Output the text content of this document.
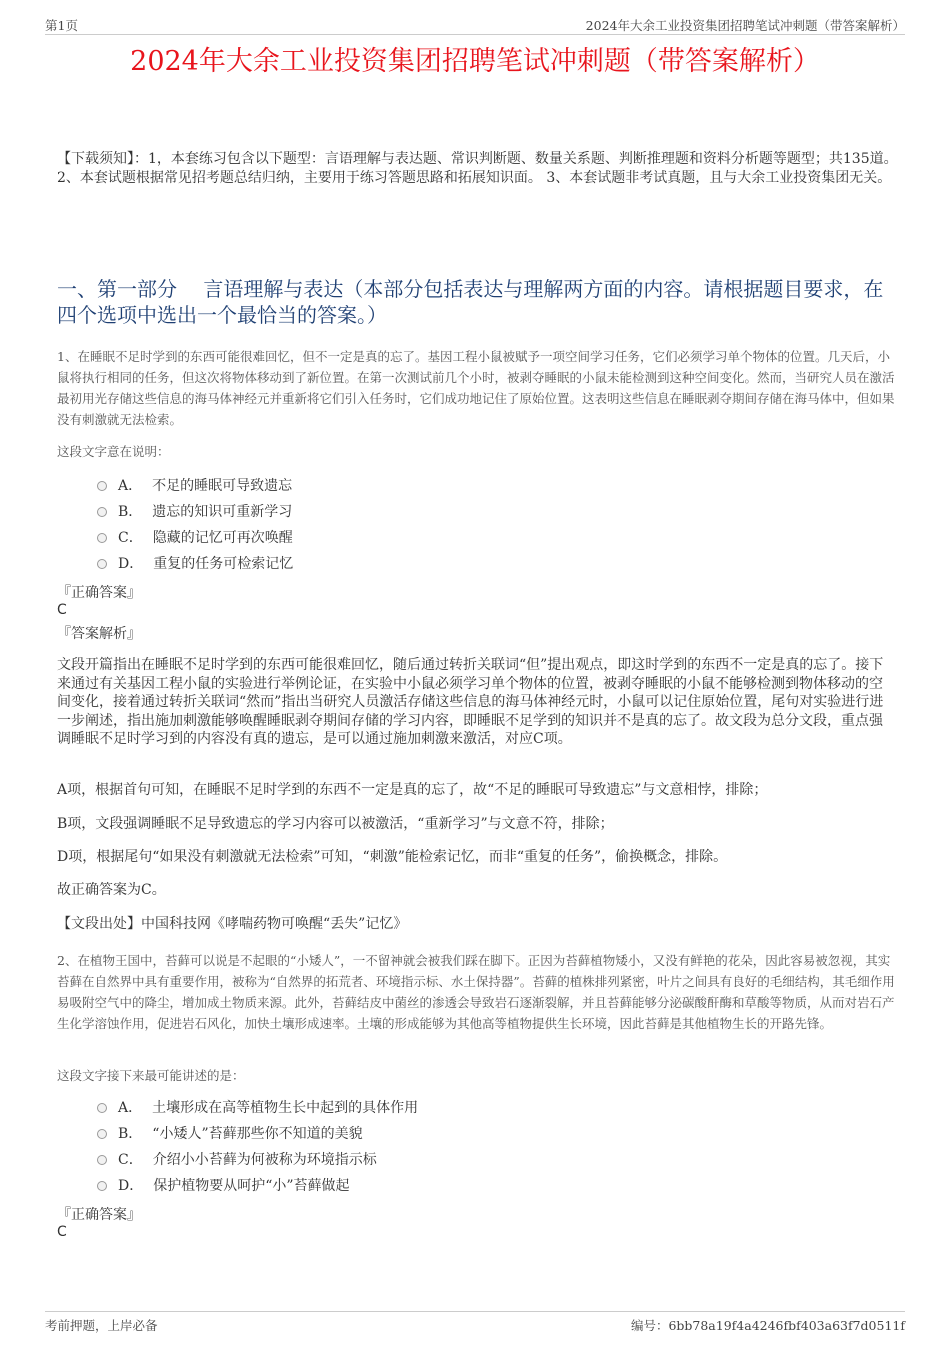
第1页	2024年大余工业投资集团招聘笔试冲刺题（带答案解析）
2024年大余工业投资集团招聘笔试冲刺题（带答案解析）
【下载须知】：1，本套练习包含以下题型：言语理解与表达题、常识判断题、数量关系题、判断推理题和资料分析题等题型；共135道。 2、本套试题根据常见招考题总结归纳，主要用于练习答题思路和拓展知识面。 3、本套试题非考试真题，且与大余工业投资集团无关。
一、第一部分　 言语理解与表达（本部分包括表达与理解两方面的内容。请根据题目要求，在四个选项中选出一个最恰当的答案。）
1、在睡眠不足时学到的东西可能很难回忆，但不一定是真的忘了。基因工程小鼠被赋予一项空间学习任务，它们必须学习单个物体的位置。几天后，小鼠将执行相同的任务，但这次将物体移动到了新位置。在第一次测试前几个小时，被剥夺睡眠的小鼠未能检测到这种空间变化。然而，当研究人员在激活最初用光存储这些信息的海马体神经元并重新将它们引入任务时，它们成功地记住了原始位置。这表明这些信息在睡眠剥夺期间存储在海马体中，但如果没有刺激就无法检索。
这段文字意在说明：
A． 不足的睡眠可导致遗忘
B． 遗忘的知识可重新学习
C． 隐藏的记忆可再次唤醒
D． 重复的任务可检索记忆
『正确答案』
C
『答案解析』
文段开篇指出在睡眠不足时学到的东西可能很难回忆，随后通过转折关联词“但”提出观点，即这时学到的东西不一定是真的忘了。接下来通过有关基因工程小鼠的实验进行举例论证，在实验中小鼠必须学习单个物体的位置，被剥夺睡眠的小鼠不能够检测到物体移动的空间变化，接着通过转折关联词“然而”指出当研究人员激活存储这些信息的海马体神经元时，小鼠可以记住原始位置，尾句对实验进行进一步阐述，指出施加刺激能够唤醒睡眠剥夺期间存储的学习内容，即睡眠不足学到的知识并不是真的忘了。故文段为总分文段，重点强调睡眠不足时学习到的内容没有真的遗忘，是可以通过施加刺激来激活，对应C项。
A项，根据首句可知，在睡眠不足时学到的东西不一定是真的忘了，故“不足的睡眠可导致遗忘”与文意相悖，排除；
B项，文段强调睡眠不足导致遗忘的学习内容可以被激活，“重新学习”与文意不符，排除；
D项，根据尾句“如果没有刺激就无法检索”可知，“刺激”能检索记忆，而非“重复的任务”，偷换概念，排除。
故正确答案为C。
【文段出处】中国科技网《哮喘药物可唤醒“丢失”记忆》
2、在植物王国中，苔藓可以说是不起眼的“小矮人”，一不留神就会被我们踩在脚下。正因为苔藓植物矮小，又没有鲜艳的花朵，因此容易被忽视，其实苔藓在自然界中具有重要作用，被称为“自然界的拓荒者、环境指示标、水土保持器”。苔藓的植株排列紧密，叶片之间具有良好的毛细结构，其毛细作用易吸附空气中的降尘，增加成土物质来源。此外，苔藓结皮中菌丝的渗透会导致岩石逐渐裂解，并且苔藓能够分泌碳酸酐酶和草酸等物质，从而对岩石产生化学溶蚀作用，促进岩石风化，加快土壤形成速率。土壤的形成能够为其他高等植物提供生长环境，因此苔藓是其他植物生长的开路先锋。
这段文字接下来最可能讲述的是：
A． 土壤形成在高等植物生长中起到的具体作用
B． “小矮人”苔藓那些你不知道的美貌
C． 介绍小小苔藓为何被称为环境指示标
D． 保护植物要从呵护“小”苔藓做起
『正确答案』
C
考前押题，上岸必备	编号：6bb78a19f4a4246fbf403a63f7d0511f
